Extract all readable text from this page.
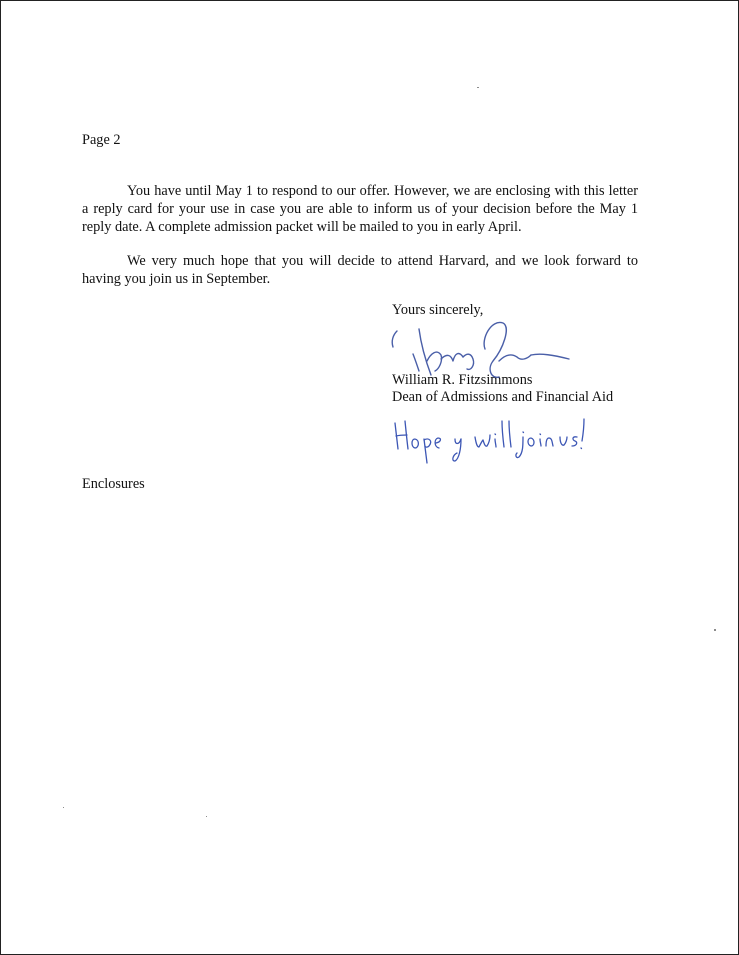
Page 2

You have until May 1 to respond to our offer. However, we are enclosing with this letter a reply card for your use in case you are able to inform us of your decision before the May 1 reply date. A complete admission packet will be mailed to you in early April.

We very much hope that you will decide to attend Harvard, and we look forward to having you join us in September.

Yours sincerely,
William R. Fitzsimmons
Dean of Admissions and Financial Aid
Enclosures
